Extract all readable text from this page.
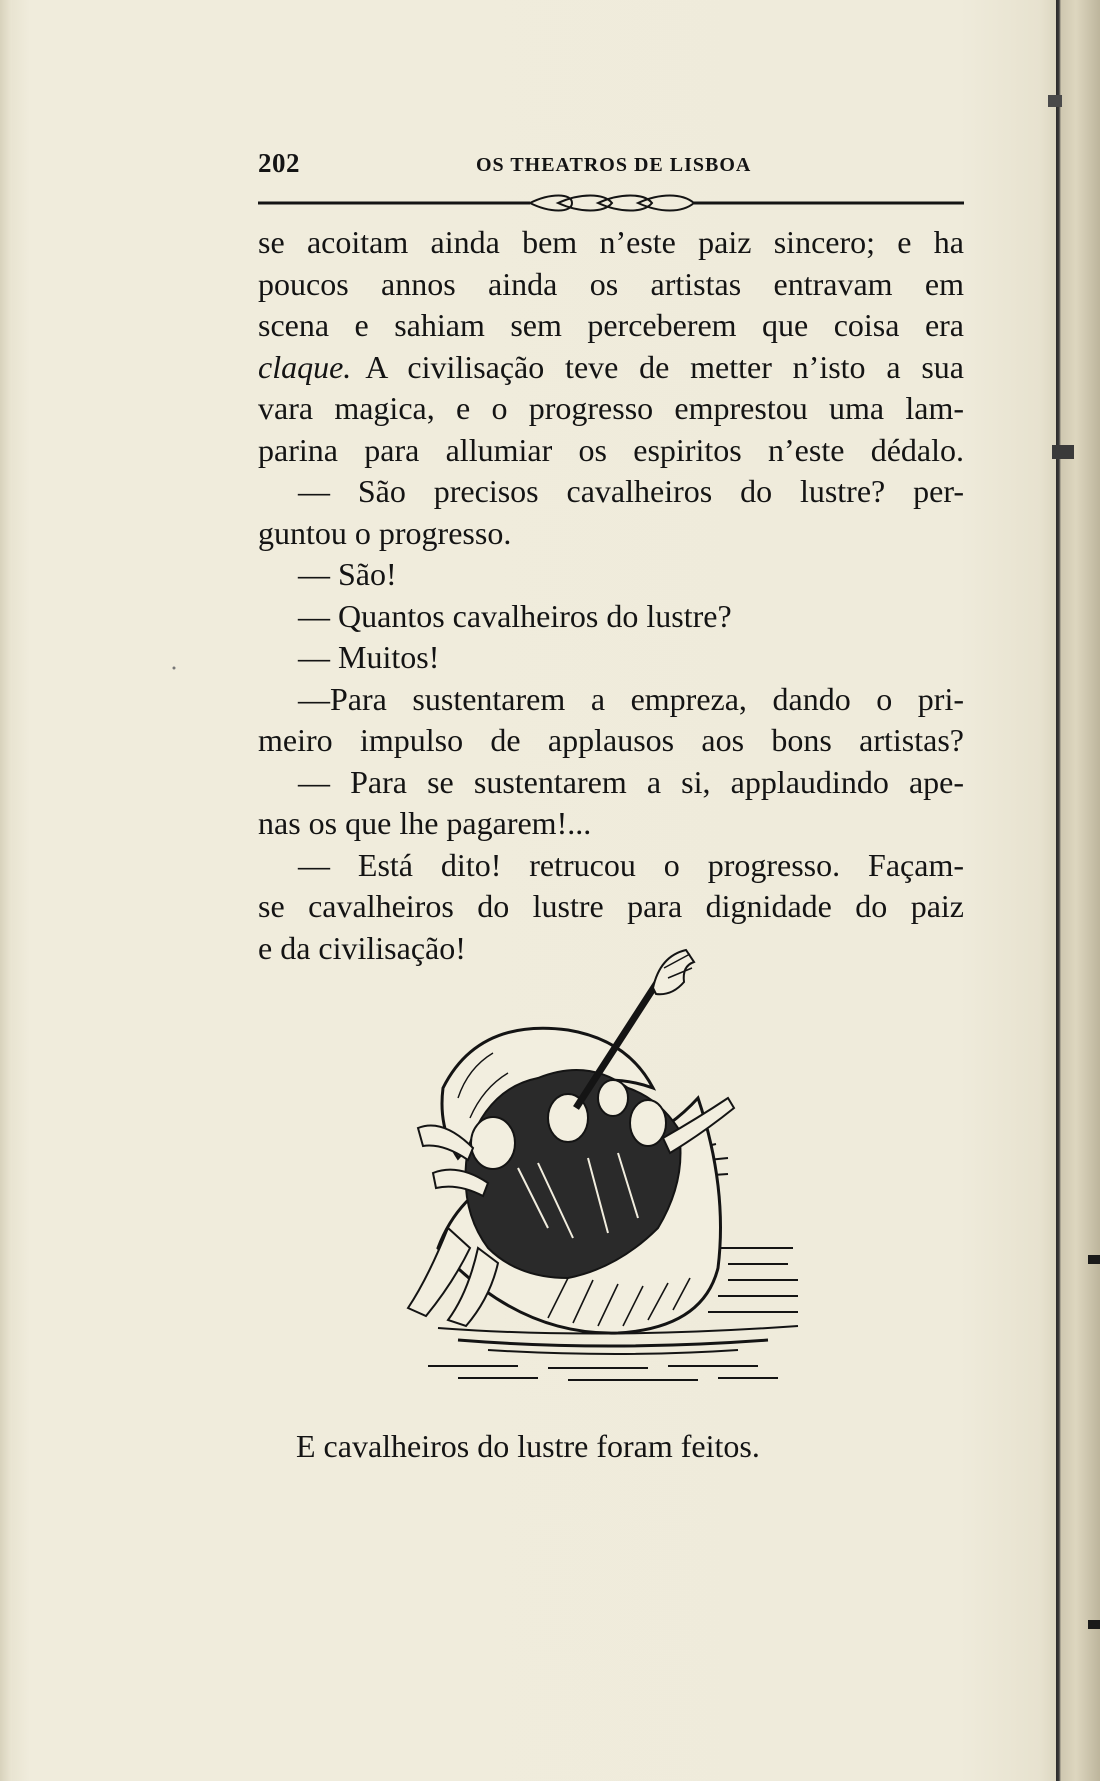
202	OS THEATROS DE LISBOA
se acoitam ainda bem n’este paiz sincero; e ha
poucos annos ainda os artistas entravam em
scena e sahiam sem perceberem que coisa era
claque. A civilisação teve de metter n’isto a sua
vara magica, e o progresso emprestou uma lam-
parina para allumiar os espiritos n’este dédalo.
— São precisos cavalheiros do lustre? per-
guntou o progresso.
— São!
— Quantos cavalheiros do lustre?
— Muitos!
—Para sustentarem a empreza, dando o pri-
meiro impulso de applausos aos bons artistas?
— Para se sustentarem a si, applaudindo ape-
nas os que lhe pagarem!...
— Está dito! retrucou o progresso. Façam-
se cavalheiros do lustre para dignidade do paiz
e da civilisação!
E cavalheiros do lustre foram feitos.
